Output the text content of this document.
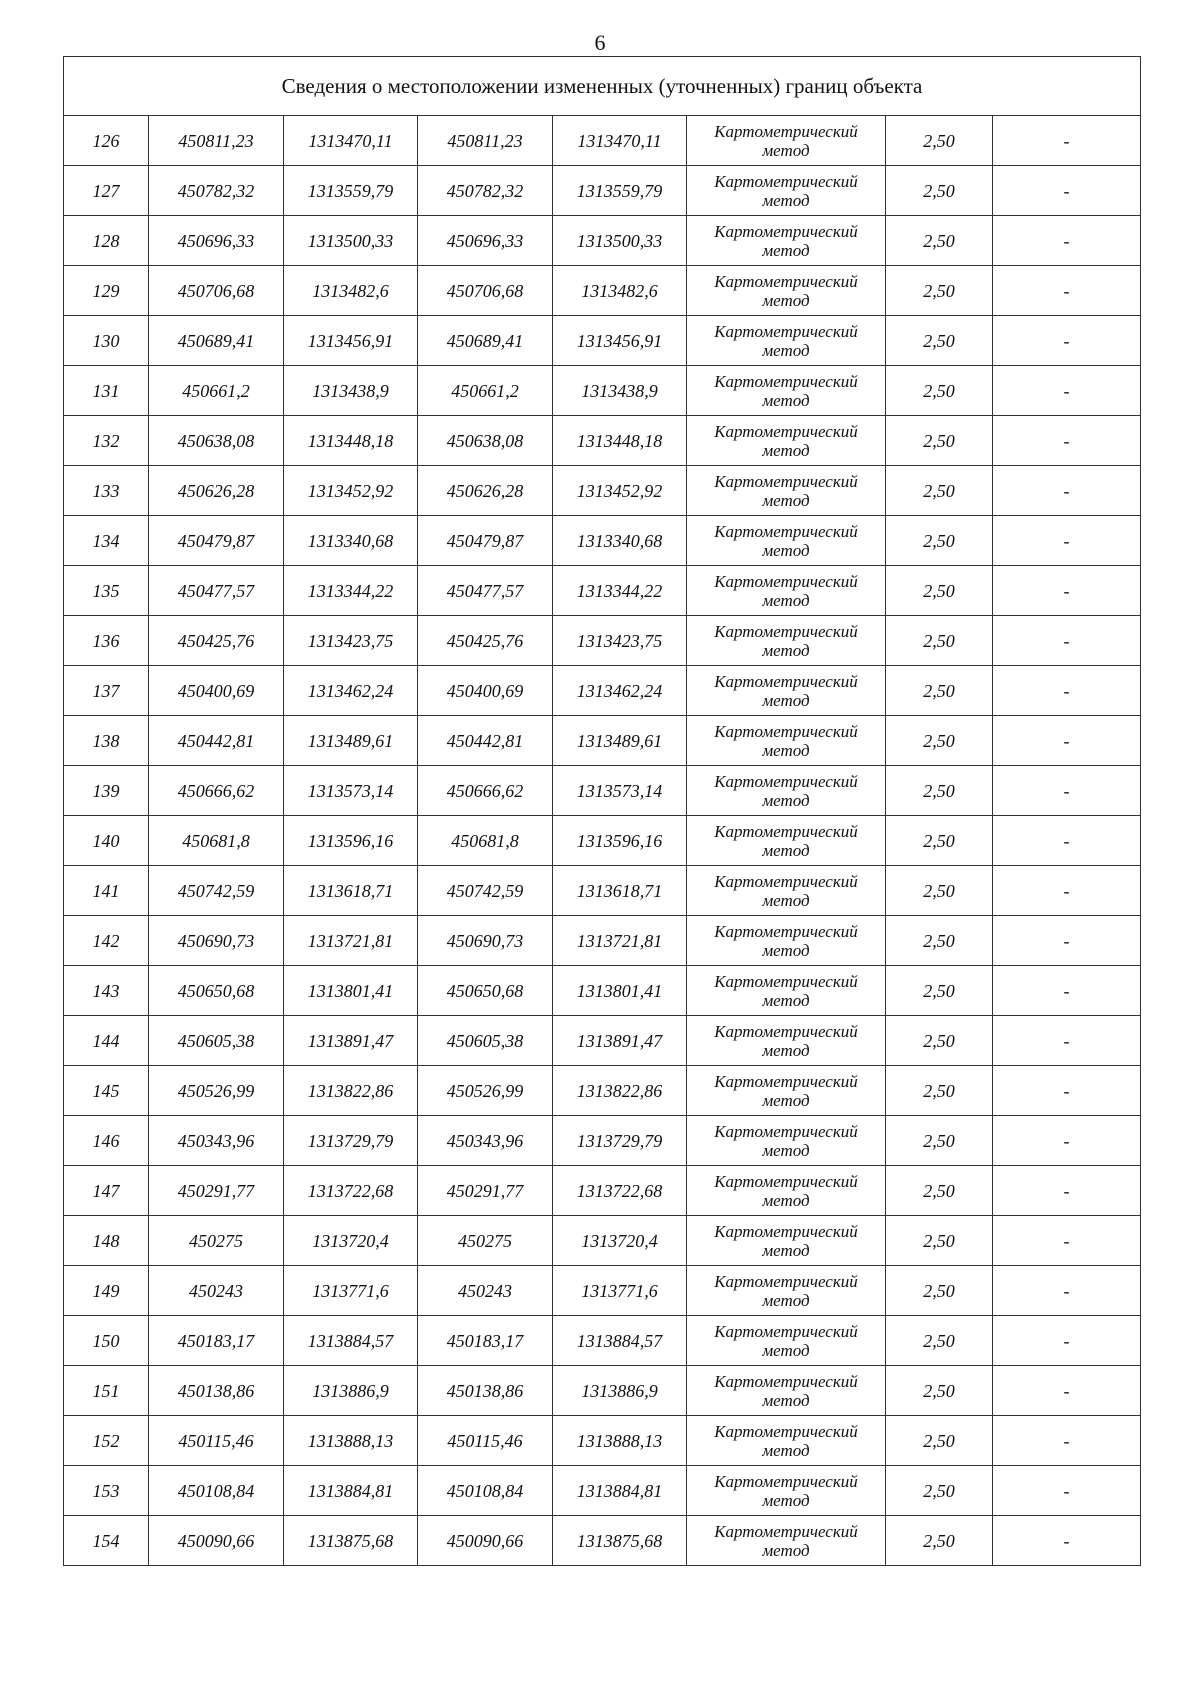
6
Сведения о местоположении измененных (уточненных) границ объекта							
126	450811,23	1313470,11	450811,23	1313470,11	Картометрический
метод	2,50	-
127	450782,32	1313559,79	450782,32	1313559,79	Картометрический
метод	2,50	-
128	450696,33	1313500,33	450696,33	1313500,33	Картометрический
метод	2,50	-
129	450706,68	1313482,6	450706,68	1313482,6	Картометрический
метод	2,50	-
130	450689,41	1313456,91	450689,41	1313456,91	Картометрический
метод	2,50	-
131	450661,2	1313438,9	450661,2	1313438,9	Картометрический
метод	2,50	-
132	450638,08	1313448,18	450638,08	1313448,18	Картометрический
метод	2,50	-
133	450626,28	1313452,92	450626,28	1313452,92	Картометрический
метод	2,50	-
134	450479,87	1313340,68	450479,87	1313340,68	Картометрический
метод	2,50	-
135	450477,57	1313344,22	450477,57	1313344,22	Картометрический
метод	2,50	-
136	450425,76	1313423,75	450425,76	1313423,75	Картометрический
метод	2,50	-
137	450400,69	1313462,24	450400,69	1313462,24	Картометрический
метод	2,50	-
138	450442,81	1313489,61	450442,81	1313489,61	Картометрический
метод	2,50	-
139	450666,62	1313573,14	450666,62	1313573,14	Картометрический
метод	2,50	-
140	450681,8	1313596,16	450681,8	1313596,16	Картометрический
метод	2,50	-
141	450742,59	1313618,71	450742,59	1313618,71	Картометрический
метод	2,50	-
142	450690,73	1313721,81	450690,73	1313721,81	Картометрический
метод	2,50	-
143	450650,68	1313801,41	450650,68	1313801,41	Картометрический
метод	2,50	-
144	450605,38	1313891,47	450605,38	1313891,47	Картометрический
метод	2,50	-
145	450526,99	1313822,86	450526,99	1313822,86	Картометрический
метод	2,50	-
146	450343,96	1313729,79	450343,96	1313729,79	Картометрический
метод	2,50	-
147	450291,77	1313722,68	450291,77	1313722,68	Картометрический
метод	2,50	-
148	450275	1313720,4	450275	1313720,4	Картометрический
метод	2,50	-
149	450243	1313771,6	450243	1313771,6	Картометрический
метод	2,50	-
150	450183,17	1313884,57	450183,17	1313884,57	Картометрический
метод	2,50	-
151	450138,86	1313886,9	450138,86	1313886,9	Картометрический
метод	2,50	-
152	450115,46	1313888,13	450115,46	1313888,13	Картометрический
метод	2,50	-
153	450108,84	1313884,81	450108,84	1313884,81	Картометрический
метод	2,50	-
154	450090,66	1313875,68	450090,66	1313875,68	Картометрический
метод	2,50	-
